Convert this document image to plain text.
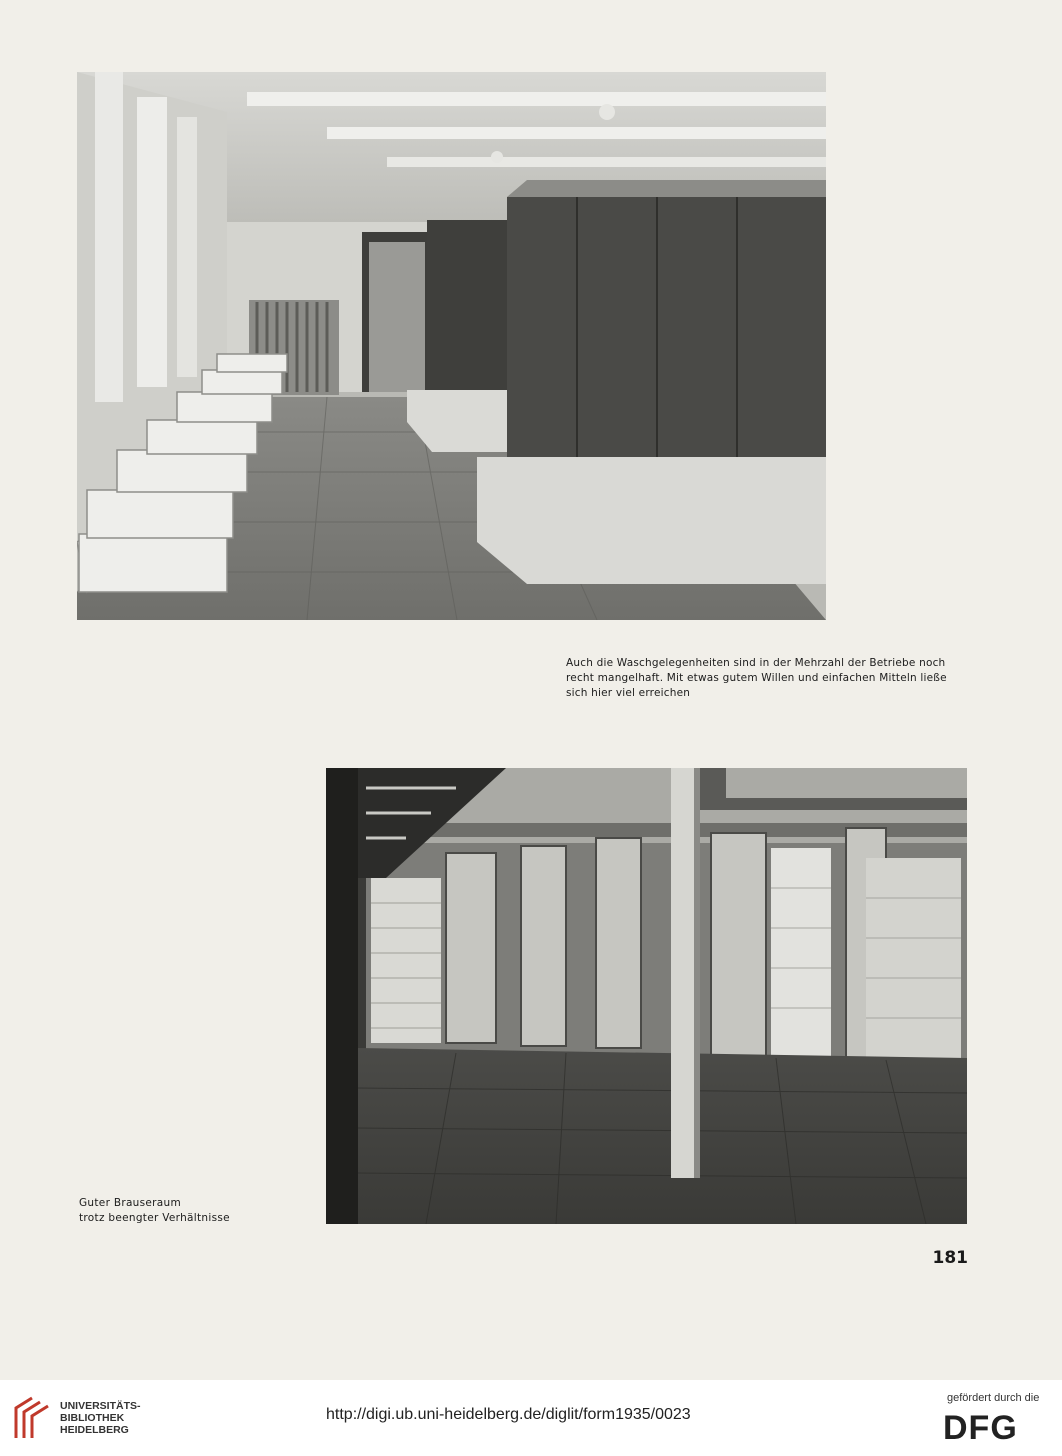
Auch die Waschgelegenheiten sind in der Mehrzahl der Betriebe noch
recht mangelhaft. Mit etwas gutem Willen und einfachen Mitteln ließe
sich hier viel erreichen
Guter Brauseraum
trotz beengter Verhältnisse
181
UNIVERSITÄTS-
BIBLIOTHEK
HEIDELBERG
http://digi.ub.uni-heidelberg.de/diglit/form1935/0023
gefördert durch die
DFG
